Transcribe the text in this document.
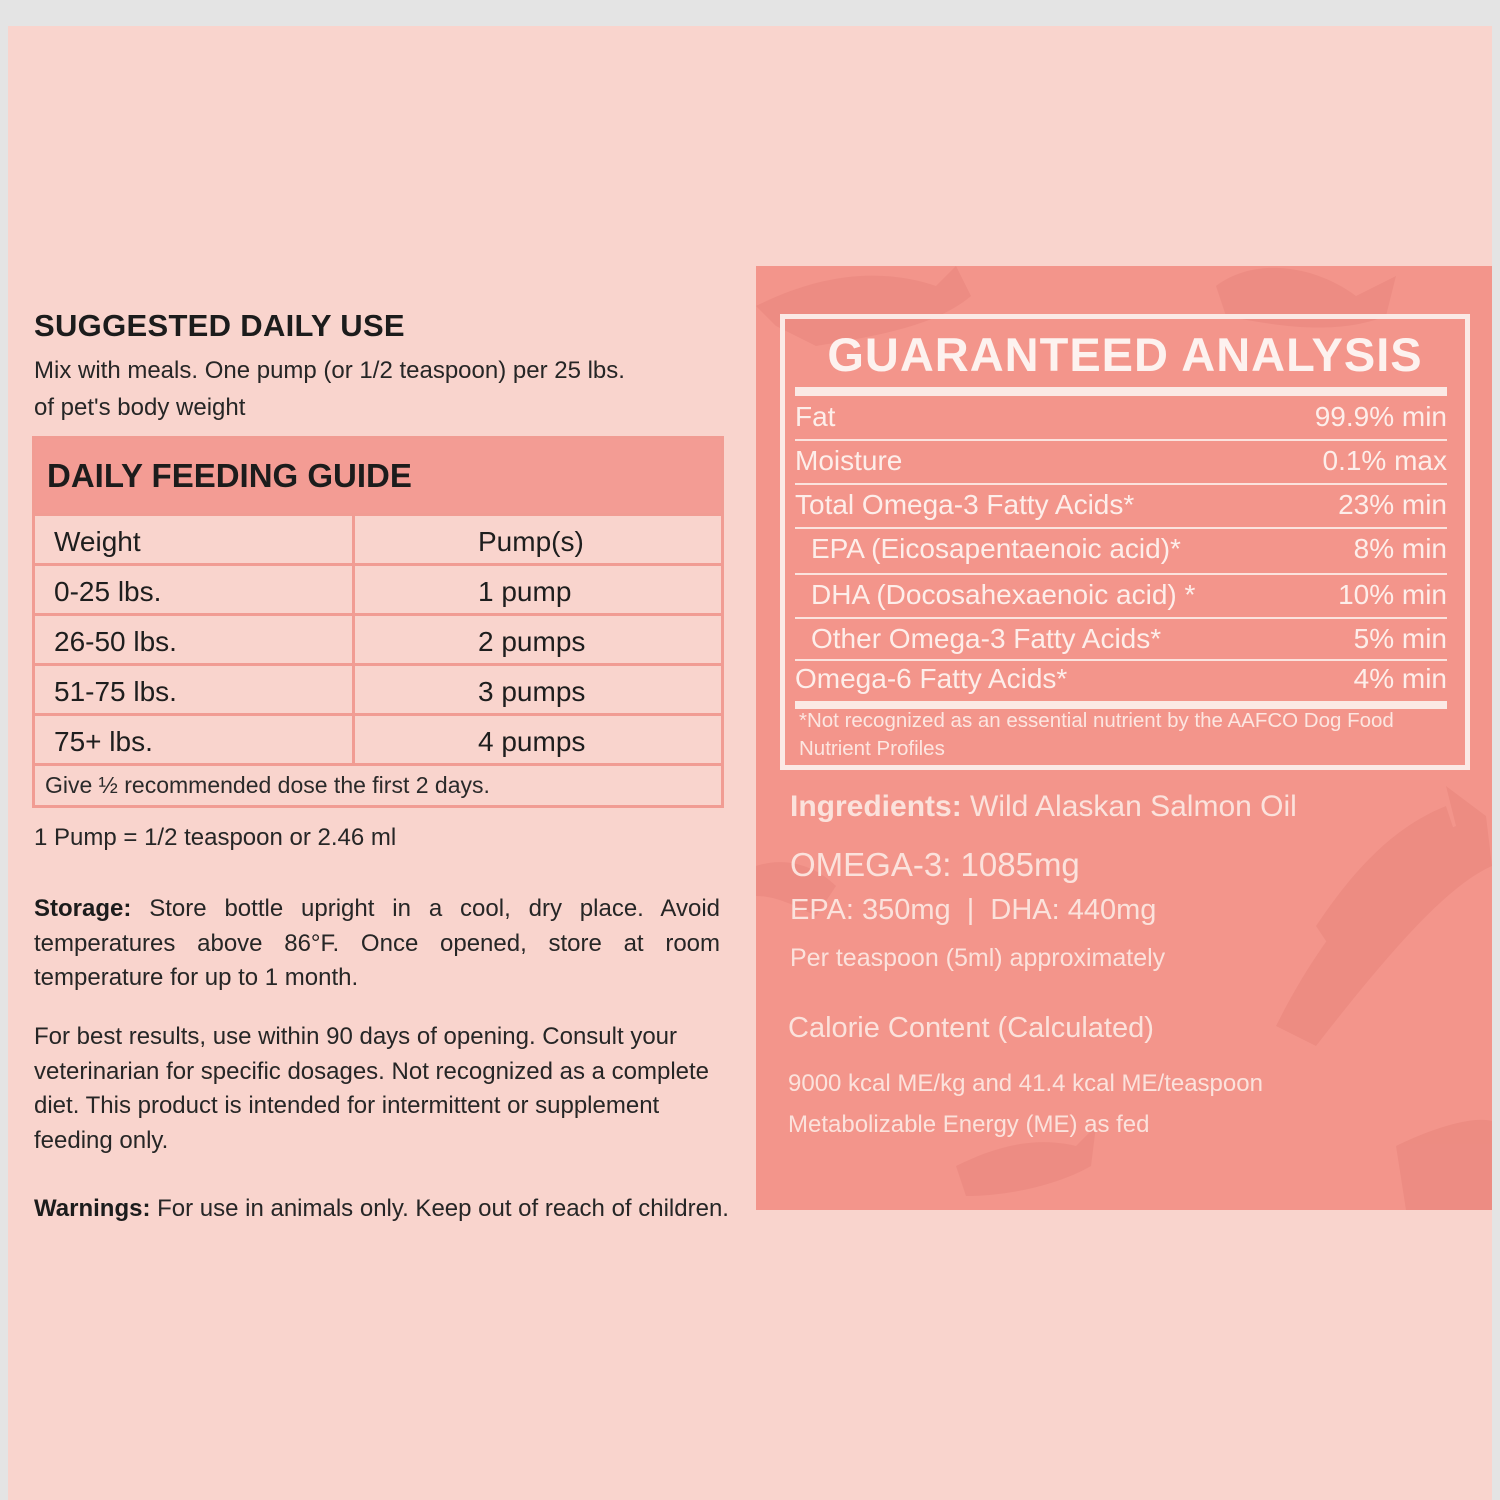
SUGGESTED DAILY USE
Mix with meals. One pump (or 1/2 teaspoon) per 25 lbs.
of pet's body weight
DAILY FEEDING GUIDE
Weight	Pump(s)
0-25 lbs.	1 pump
26-50 lbs.	2 pumps
51-75 lbs.	3 pumps
75+ lbs.	4 pumps
Give ½ recommended dose the first 2 days.
1 Pump = 1/2 teaspoon or 2.46 ml
Storage: Store bottle upright in a cool, dry place. Avoid temperatures above 86°F. Once opened, store at room temperature for up to 1 month.
For best results, use within 90 days of opening. Consult your veterinarian for specific dosages. Not recognized as a complete diet. This product is intended for intermittent or supplement feeding only.
Warnings: For use in animals only. Keep out of reach of children.
GUARANTEED ANALYSIS
Fat	99.9% min
Moisture	0.1% max
Total Omega-3 Fatty Acids*	23% min
EPA (Eicosapentaenoic acid)*	8% min
DHA (Docosahexaenoic acid) *	10% min
Other Omega-3 Fatty Acids*	5% min
Omega-6 Fatty Acids*	4% min
*Not recognized as an essential nutrient by the AAFCO Dog Food Nutrient Profiles
Ingredients: Wild Alaskan Salmon Oil
OMEGA-3: 1085mg
EPA: 350mg  |  DHA: 440mg
Per teaspoon (5ml) approximately
Calorie Content (Calculated)
9000 kcal ME/kg and 41.4 kcal ME/teaspoon
Metabolizable Energy (ME) as fed
